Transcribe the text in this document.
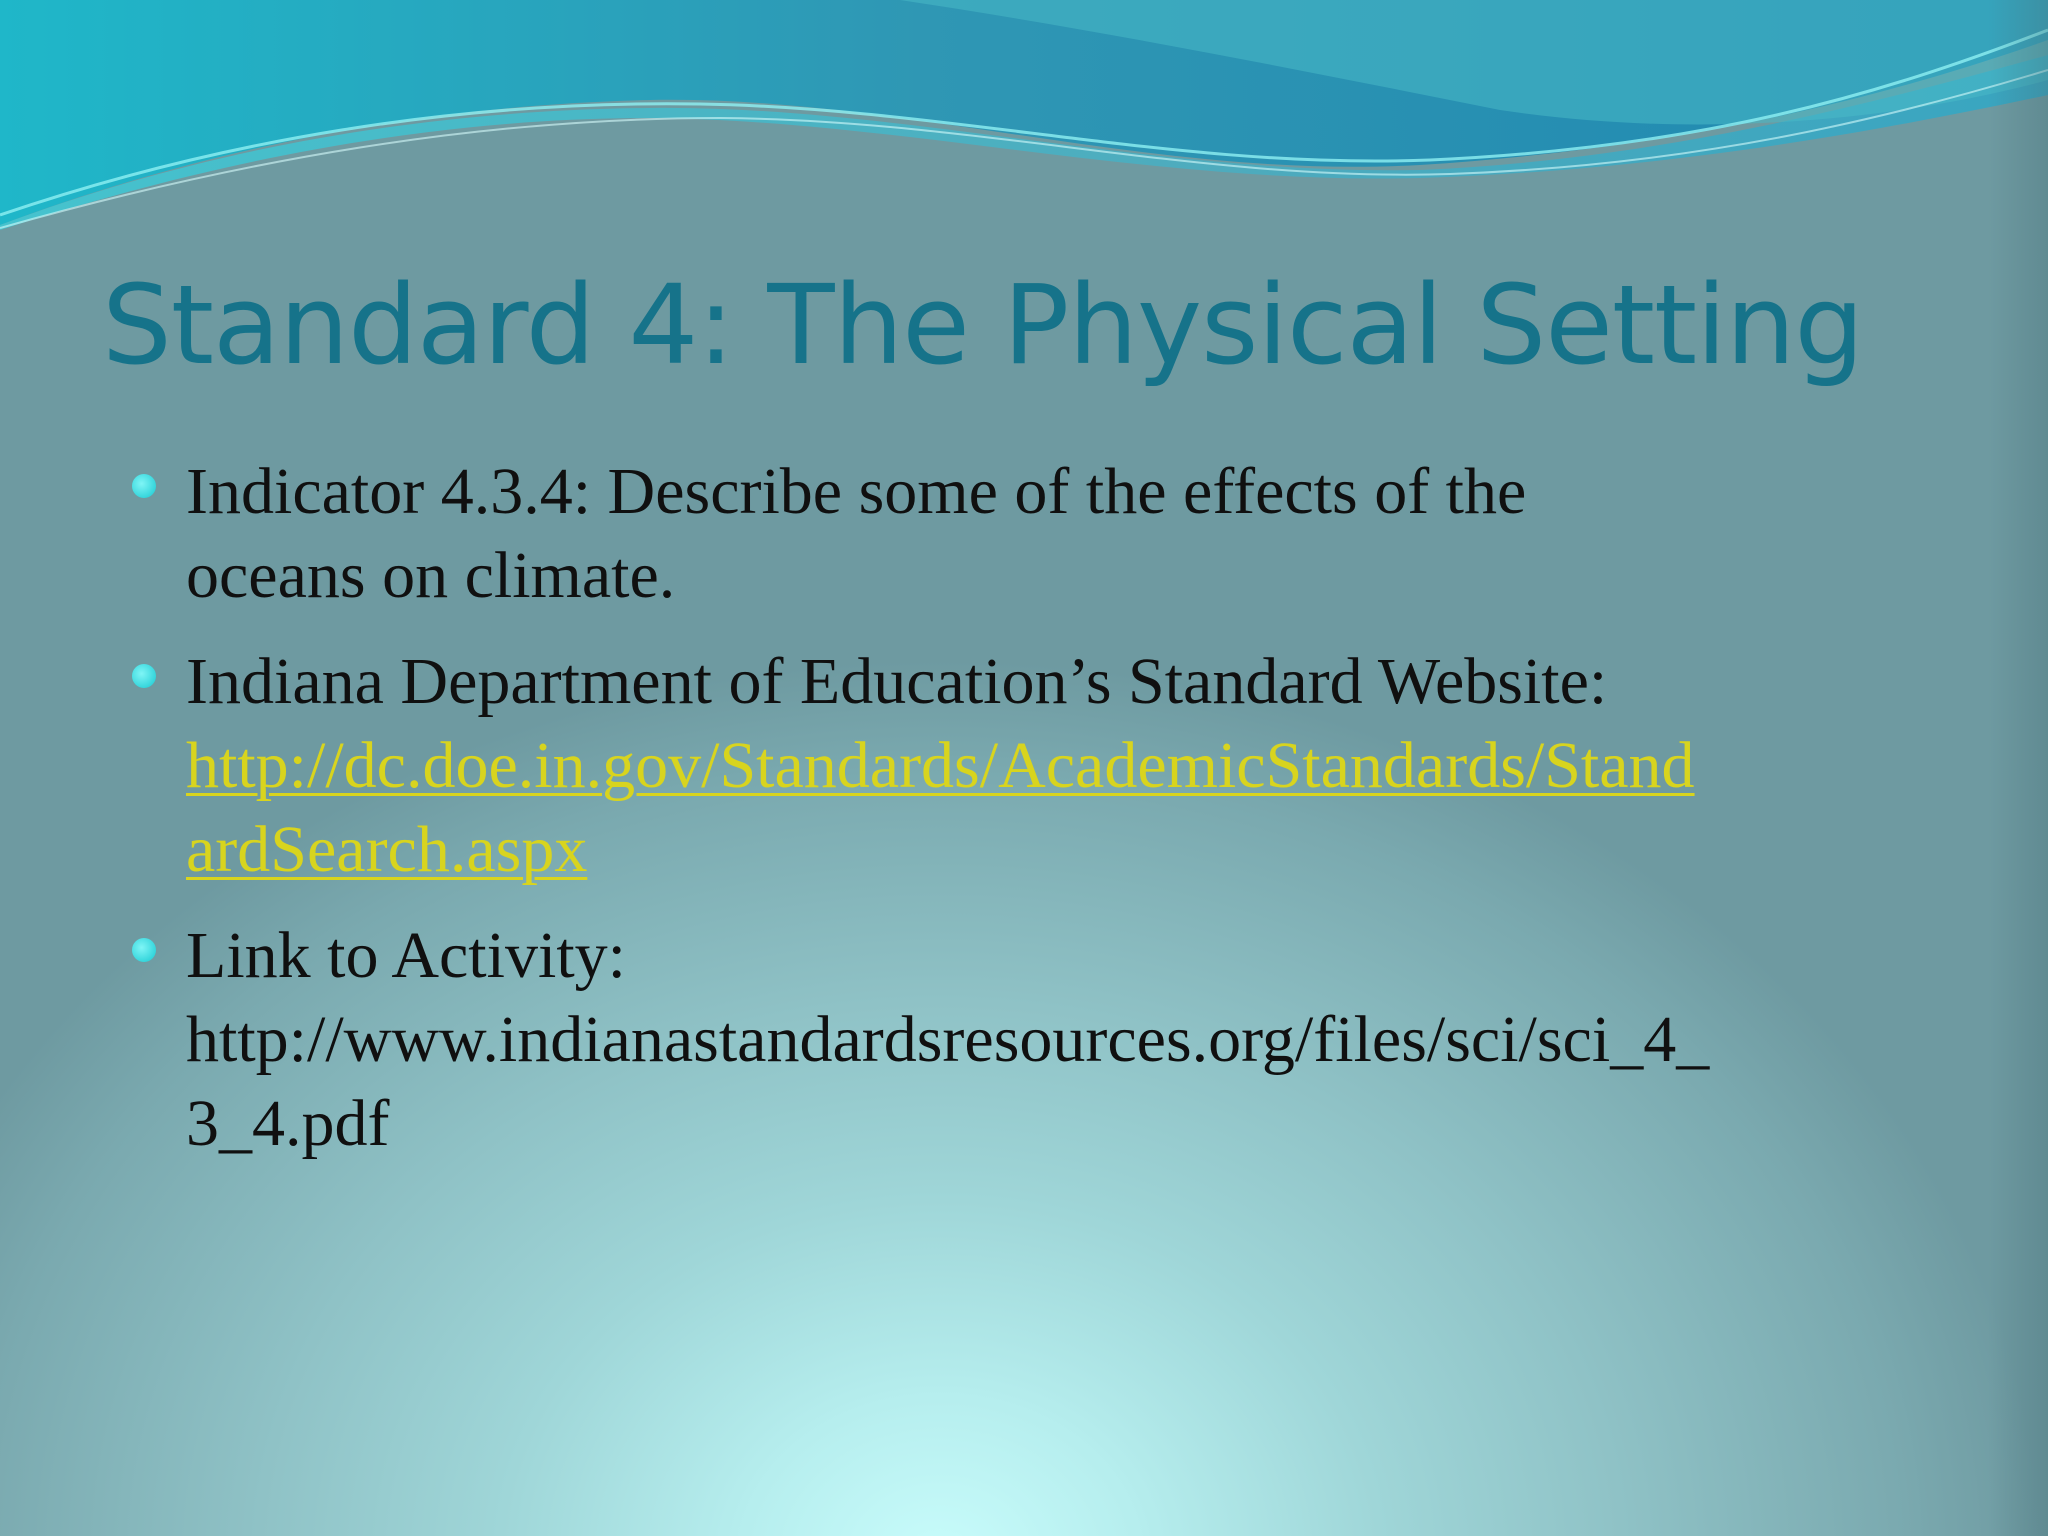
Standard 4: The Physical Setting
Indicator 4.3.4: Describe some of the effects of the
oceans on climate.
Indiana Department of Education’s Standard Website:
http://dc.doe.in.gov/Standards/AcademicStandards/Stand
ardSearch.aspx
Link to Activity:
http://www.indianastandardsresources.org/files/sci/sci_4_
3_4.pdf
